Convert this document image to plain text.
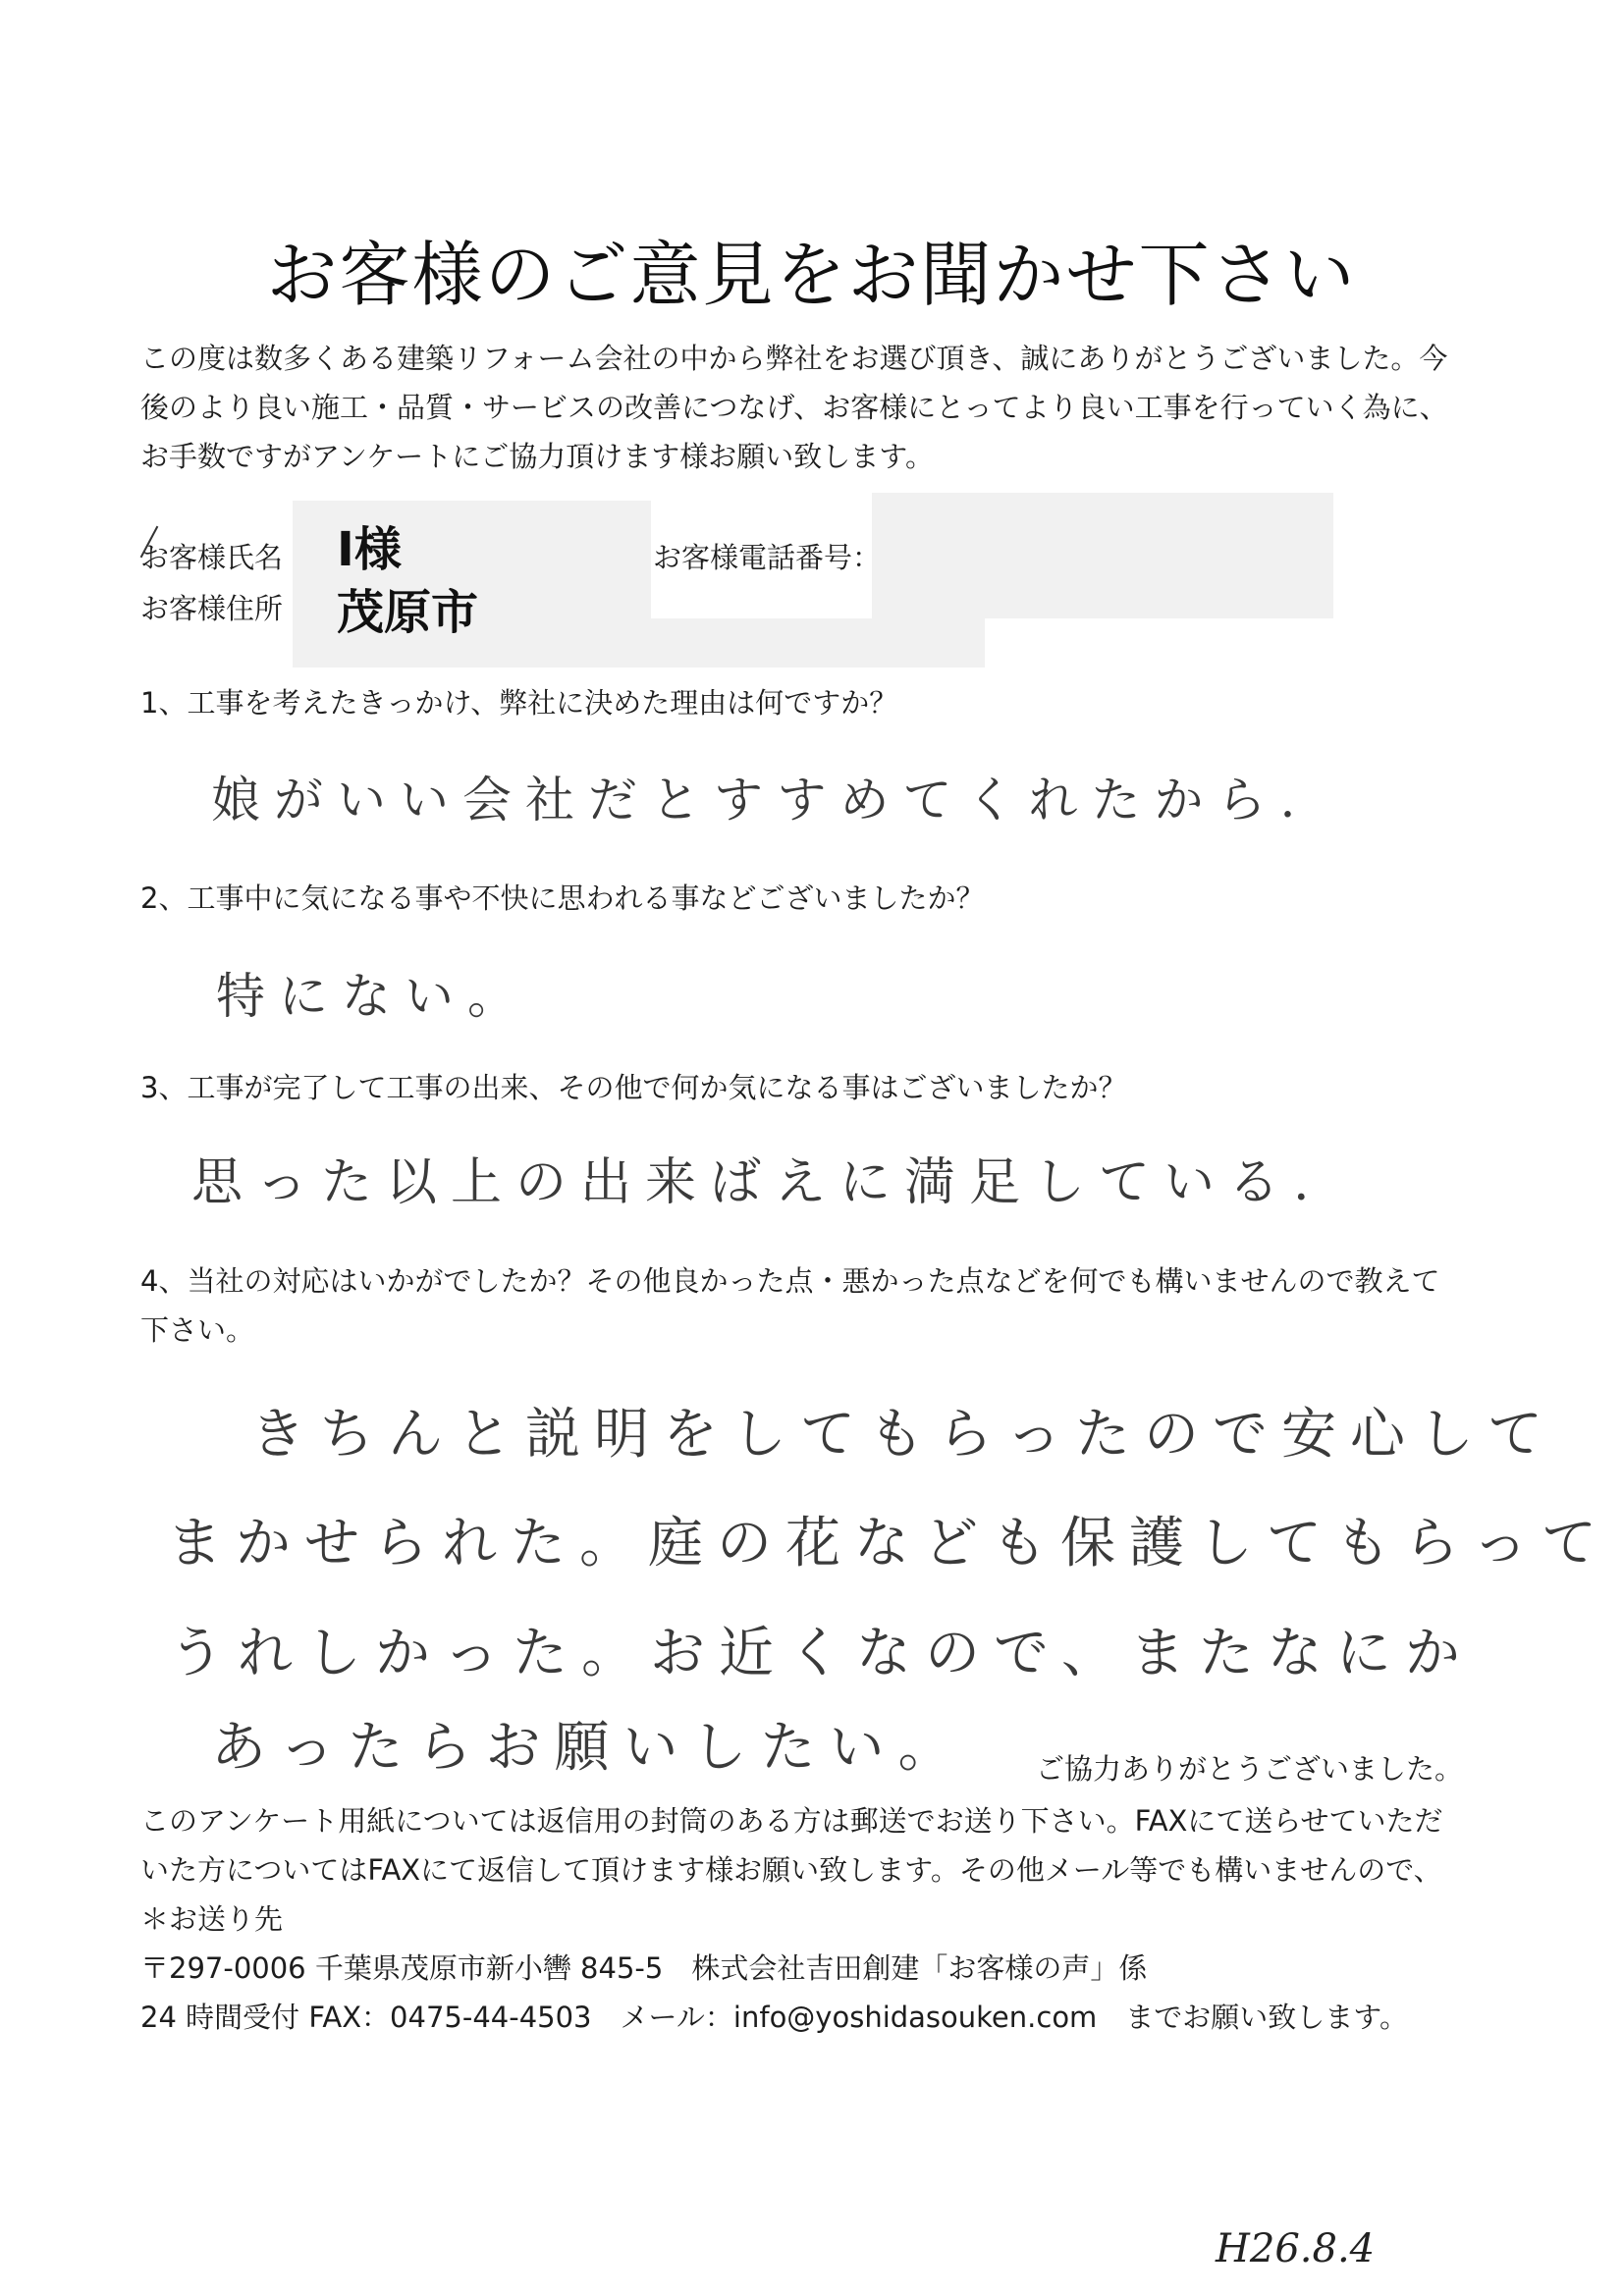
お客様のご意見をお聞かせ下さい
この度は数多くある建築リフォーム会社の中から弊社をお選び頂き、誠にありがとうございました。今
後のより良い施工・品質・サービスの改善につなげ、お客様にとってより良い工事を行っていく為に、
お手数ですがアンケートにご協力頂けます様お願い致します。
お客様氏名
お客様住所
I様
茂原市
お客様電話番号：
1、工事を考えたきっかけ、弊社に決めた理由は何ですか？
娘がいい会社だとすすめてくれたから.
2、工事中に気になる事や不快に思われる事などございましたか？
特にない。
3、工事が完了して工事の出来、その他で何か気になる事はございましたか？
思った以上の出来ばえに満足している.
4、当社の対応はいかがでしたか？その他良かった点・悪かった点などを何でも構いませんので教えて
下さい。
きちんと説明をしてもらったので安心して
まかせられた。庭の花なども保護してもらって
うれしかった。お近くなので、またなにか
あったらお願いしたい。 ご協力ありがとうございました。
このアンケート用紙については返信用の封筒のある方は郵送でお送り下さい。FAXにて送らせていただ
いた方についてはFAXにて返信して頂けます様お願い致します。その他メール等でも構いませんので、
＊お送り先
〒297-0006 千葉県茂原市新小轡 845-5　株式会社吉田創建「お客様の声」係
24 時間受付 FAX：0475-44-4503　メール：info@yoshidasouken.com　までお願い致します。
H26.8.4
